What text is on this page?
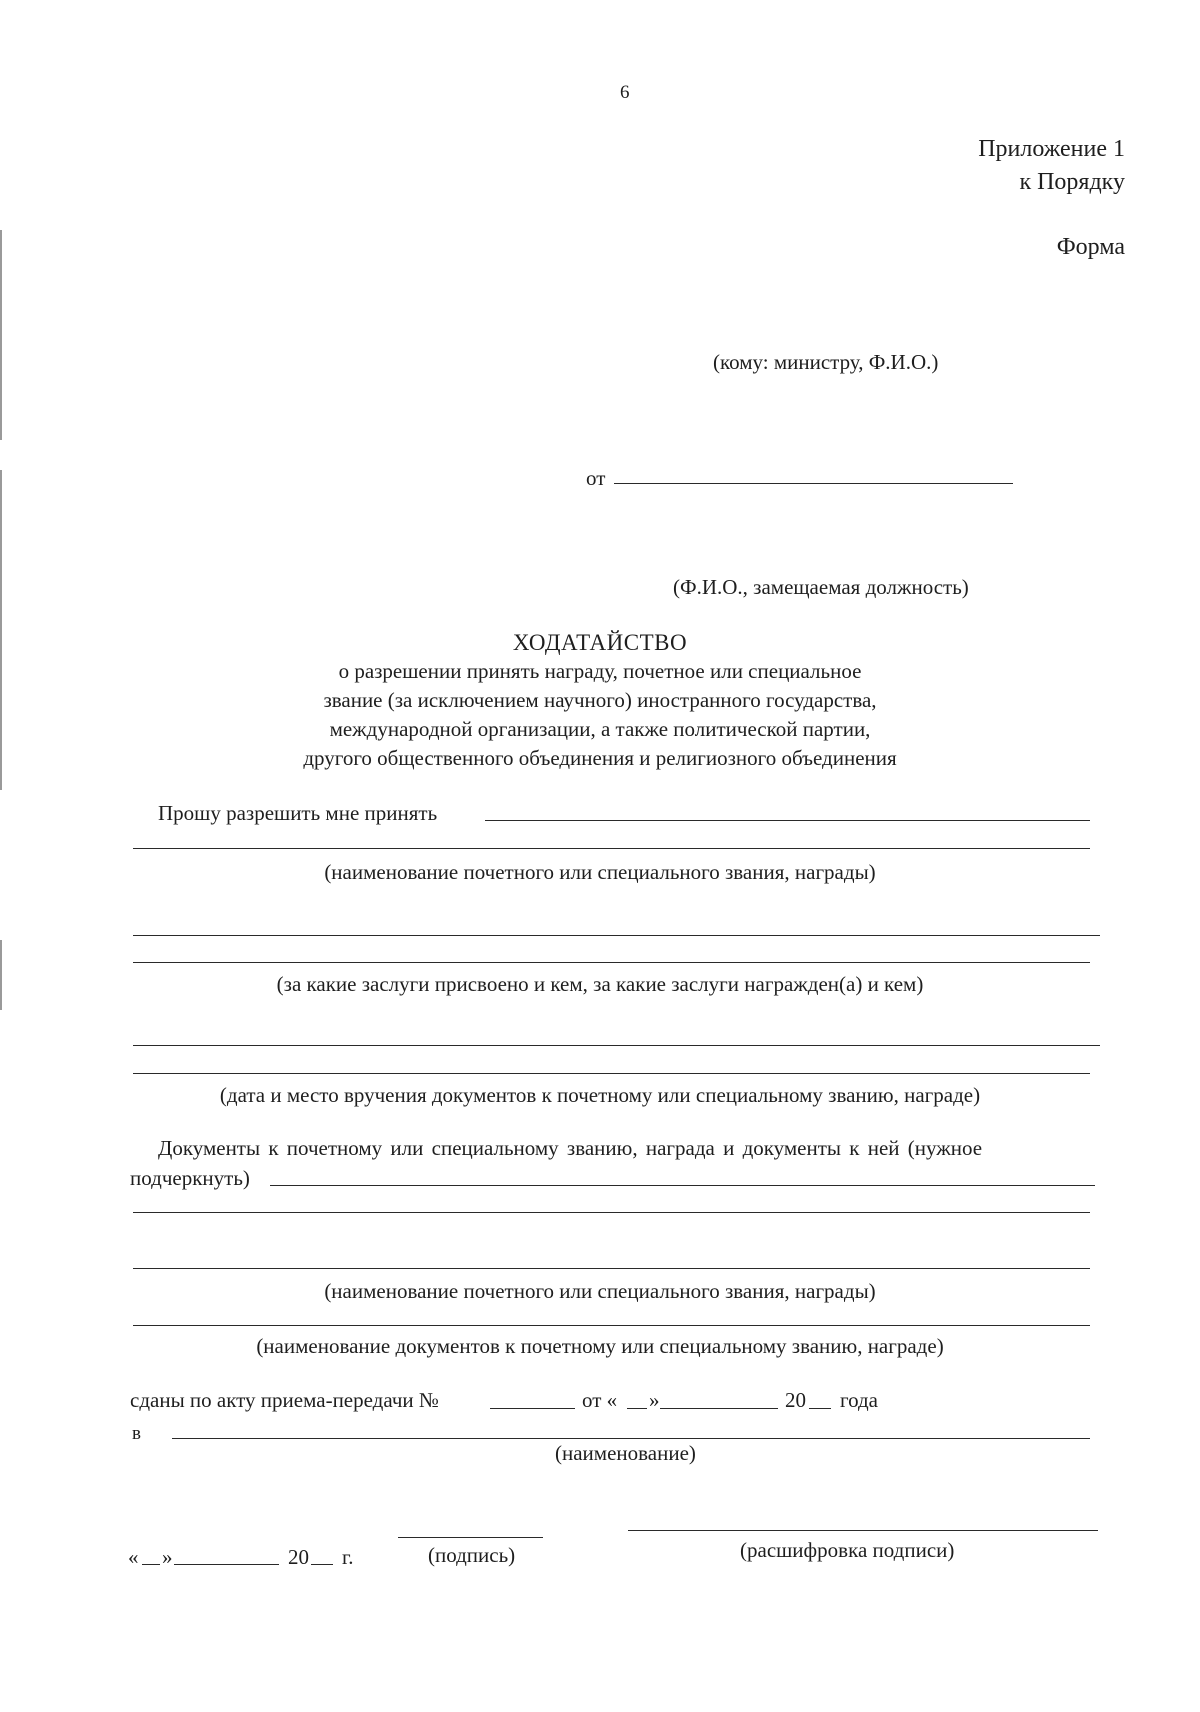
6
Приложение 1
к Порядку
Форма
(кому: министру, Ф.И.О.)
от
(Ф.И.О., замещаемая должность)
ХОДАТАЙСТВО
о разрешении принять награду, почетное или специальное
звание (за исключением научного) иностранного государства,
международной организации, а также политической партии,
другого общественного объединения и религиозного объединения
Прошу разрешить мне принять
(наименование почетного или специального звания, награды)
(за какие заслуги присвоено и кем, за какие заслуги награжден(а) и кем)
(дата и место вручения документов к почетному или специальному званию, награде)
Документы к почетному или специальному званию, награда и документы к ней (нужное
подчеркнуть)
(наименование почетного или специального звания, награды)
(наименование документов к почетному или специальному званию, награде)
сданы по акту приема-передачи №	от « »	20 года
в
(наименование)
« »	20 г.	(подпись)	(расшифровка подписи)
